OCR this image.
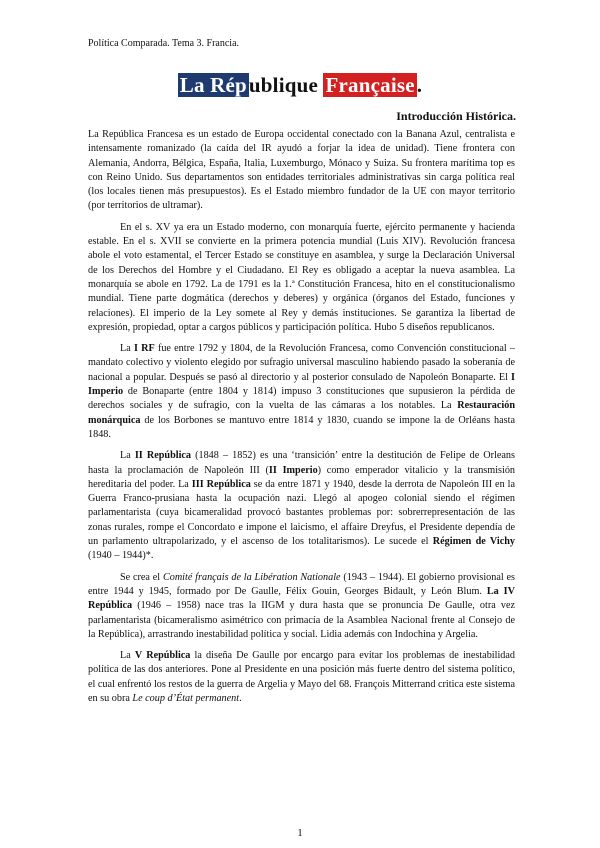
Política Comparada. Tema 3. Francia.
La République Française.
Introducción Histórica.

La República Francesa es un estado de Europa occidental conectado con la Banana Azul, centralista e intensamente romanizado (la caída del IR ayudó a forjar la idea de unidad). Tiene frontera con Alemania, Andorra, Bélgica, España, Italia, Luxemburgo, Mónaco y Suiza. Su frontera marítima top es con Reino Unido. Sus departamentos son entidades territoriales administrativas sin carga política real (los locales tienen más presupuestos). Es el Estado miembro fundador de la UE con mayor territorio (por territorios de ultramar).

En el s. XV ya era un Estado moderno, con monarquía fuerte, ejército permanente y hacienda estable. En el s. XVII se convierte en la primera potencia mundial (Luis XIV). Revolución francesa abole el voto estamental, el Tercer Estado se constituye en asamblea, y surge la Declaración Universal de los Derechos del Hombre y el Ciudadano. El Rey es obligado a aceptar la nueva asamblea. La monarquía se abole en 1792. La de 1791 es la 1.ª Constitución Francesa, hito en el constitucionalismo mundial. Tiene parte dogmática (derechos y deberes) y orgánica (órganos del Estado, funciones y relaciones). El imperio de la Ley somete al Rey y demás instituciones. Se garantiza la libertad de expresión, propiedad, optar a cargos públicos y participación política. Hubo 5 diseños republicanos.

La I RF fue entre 1792 y 1804, de la Revolución Francesa, como Convención constitucional – mandato colectivo y violento elegido por sufragio universal masculino habiendo pasado la soberanía de nacional a popular. Después se pasó al directorio y al posterior consulado de Napoleón Bonaparte. El I Imperio de Bonaparte (entre 1804 y 1814) impuso 3 constituciones que supusieron la pérdida de derechos sociales y de sufragio, con la vuelta de las cámaras a los notables. La Restauración monárquica de los Borbones se mantuvo entre 1814 y 1830, cuando se impone la de Orléans hasta 1848.

La II República (1848 – 1852) es una ‘transición’ entre la destitución de Felipe de Orleans hasta la proclamación de Napoleón III (II Imperio) como emperador vitalicio y la transmisión hereditaria del poder. La III República se da entre 1871 y 1940, desde la derrota de Napoleón III en la Guerra Franco-prusiana hasta la ocupación nazi. Llegó al apogeo colonial siendo el régimen parlamentarista (cuya bicameralidad provocó bastantes problemas por: sobrerrepresentación de las zonas rurales, rompe el Concordato e impone el laicismo, el affaire Dreyfus, el Presidente dependía de un parlamento ultrapolarizado, y el ascenso de los totalitarismos). Le sucede el Régimen de Vichy (1940 – 1944)*.

Se crea el Comité français de la Libération Nationale (1943 – 1944). El gobierno provisional es entre 1944 y 1945, formado por De Gaulle, Félix Gouin, Georges Bidault, y León Blum. La IV República (1946 – 1958) nace tras la IIGM y dura hasta que se pronuncia De Gaulle, otra vez parlamentarista (bicameralismo asimétrico con primacía de la Asamblea Nacional frente al Consejo de la República), arrastrando inestabilidad política y social. Lidia además con Indochina y Argelia.

La V República la diseña De Gaulle por encargo para evitar los problemas de inestabilidad política de las dos anteriores. Pone al Presidente en una posición más fuerte dentro del sistema político, el cual enfrentó los restos de la guerra de Argelia y Mayo del 68. François Mitterrand critica este sistema en su obra Le coup d’État permanent.

1
